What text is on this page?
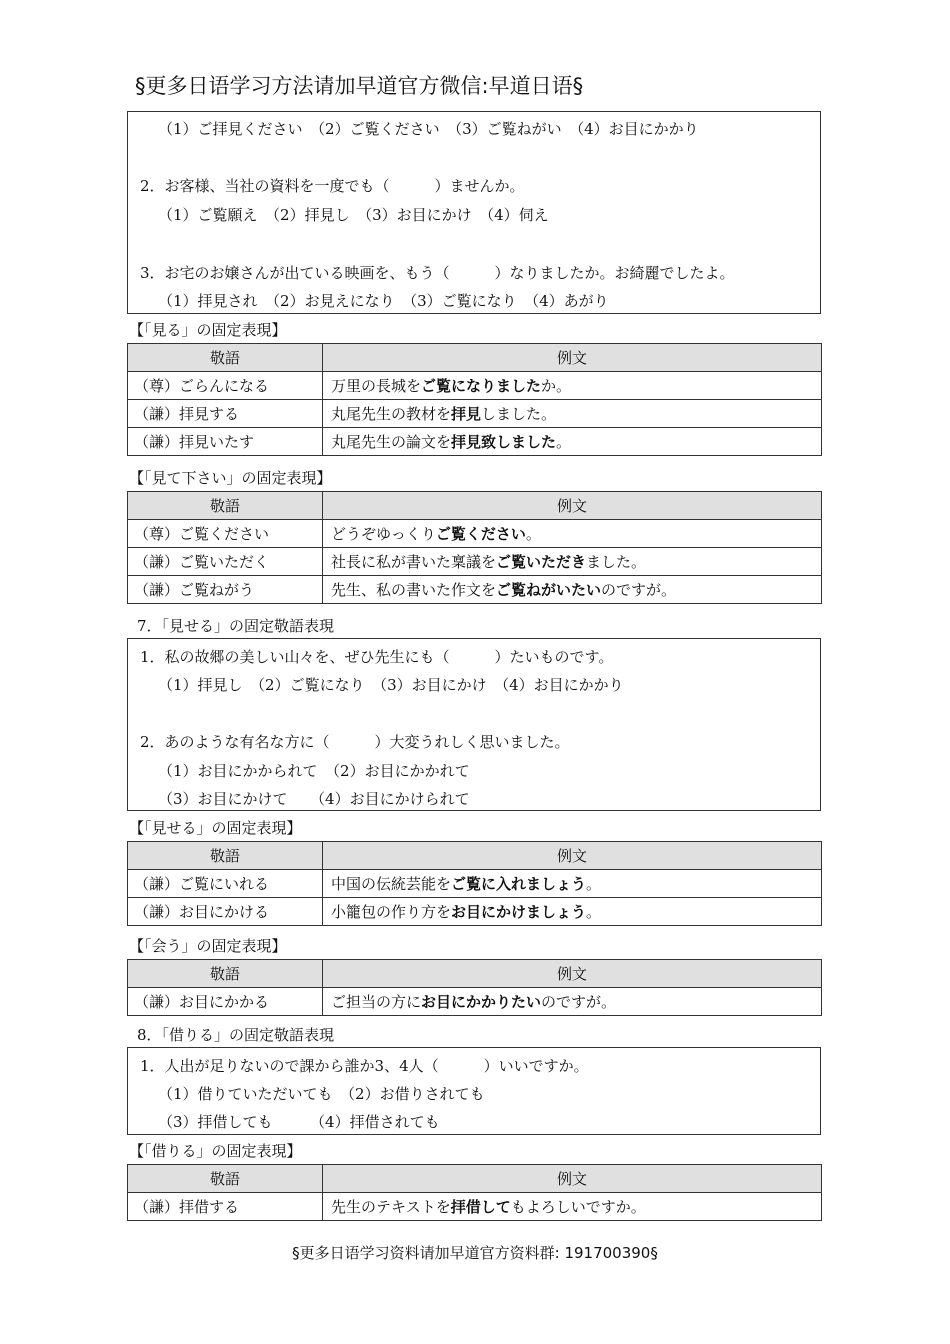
§更多日语学习方法请加早道官方微信:早道日语§
（1）ご拝見ください　（2）ご覧ください　（3）ご覧ねがい　（4）お目にかかり
2．お客様、当社の資料を一度でも（　　　）ませんか。
（1）ご覧願え　（2）拝見し　（3）お目にかけ　（4）伺え
3．お宅のお嬢さんが出ている映画を、もう（　　　）なりましたか。お綺麗でしたよ。
（1）拝見され　（2）お見えになり　（3）ご覧になり　（4）あがり
【「見る」の固定表現】
敬語	例文
（尊）ごらんになる	万里の長城をご覧になりましたか。
（謙）拝見する	丸尾先生の教材を拝見しました。
（謙）拝見いたす	丸尾先生の論文を拝見致しました。
【「見て下さい」の固定表現】
敬語	例文
（尊）ご覧ください	どうぞゆっくりご覧ください。
（謙）ご覧いただく	社長に私が書いた稟議をご覧いただきました。
（謙）ご覧ねがう	先生、私の書いた作文をご覧ねがいたいのですが。
7．「見せる」の固定敬語表現
1．私の故郷の美しい山々を、ぜひ先生にも（　　　）たいものです。
（1）拝見し　（2）ご覧になり　（3）お目にかけ　（4）お目にかかり
2．あのような有名な方に（　　　）大変うれしく思いました。
（1）お目にかかられて　（2）お目にかかれて
（3）お目にかけて　　（4）お目にかけられて
【「見せる」の固定表現】
敬語	例文
（謙）ご覧にいれる	中国の伝統芸能をご覧に入れましょう。
（謙）お目にかける	小籠包の作り方をお目にかけましょう。
【「会う」の固定表現】
敬語	例文
（謙）お目にかかる	ご担当の方にお目にかかりたいのですが。
8．「借りる」の固定敬語表現
1．人出が足りないので課から誰か3、4人（　　　）いいですか。
（1）借りていただいても　（2）お借りされても
（3）拝借しても　　　（4）拝借されても
【「借りる」の固定表現】
敬語	例文
（謙）拝借する	先生のテキストを拝借してもよろしいですか。
§更多日语学习资料请加早道官方资料群: 191700390§
